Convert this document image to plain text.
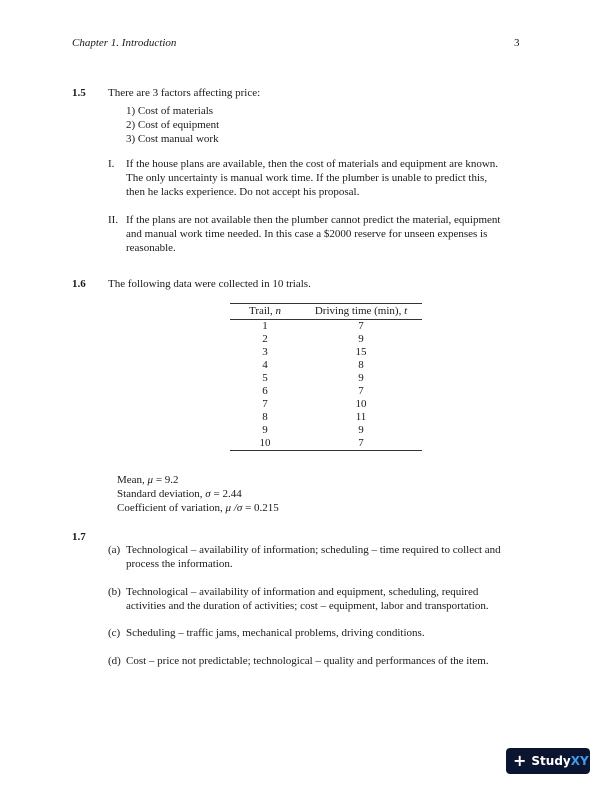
Chapter 1. Introduction	3
1.5 There are 3 factors affecting price:
1) Cost of materials
2) Cost of equipment
3) Cost manual work
I. If the house plans are available, then the cost of materials and equipment are known.
The only uncertainty is manual work time. If the plumber is unable to predict this,
then he lacks experience. Do not accept his proposal.
II. If the plans are not available then the plumber cannot predict the material, equipment
and manual work time needed. In this case a $2000 reserve for unseen expenses is
reasonable.
1.6 The following data were collected in 10 trials.
Trail, n	Driving time (min), t
1	7
2	9
3	15
4	8
5	9
6	7
7	10
8	11
9	9
10	7
Mean, μ = 9.2
Standard deviation, σ = 2.44
Coefficient of variation, μ /σ = 0.215
1.7
(a) Technological – availability of information; scheduling – time required to collect and
process the information.
(b) Technological – availability of information and equipment, scheduling, required
activities and the duration of activities; cost – equipment, labor and transportation.
(c) Scheduling – traffic jams, mechanical problems, driving conditions.
(d) Cost – price not predictable; technological – quality and performances of the item.
+ Study XY
